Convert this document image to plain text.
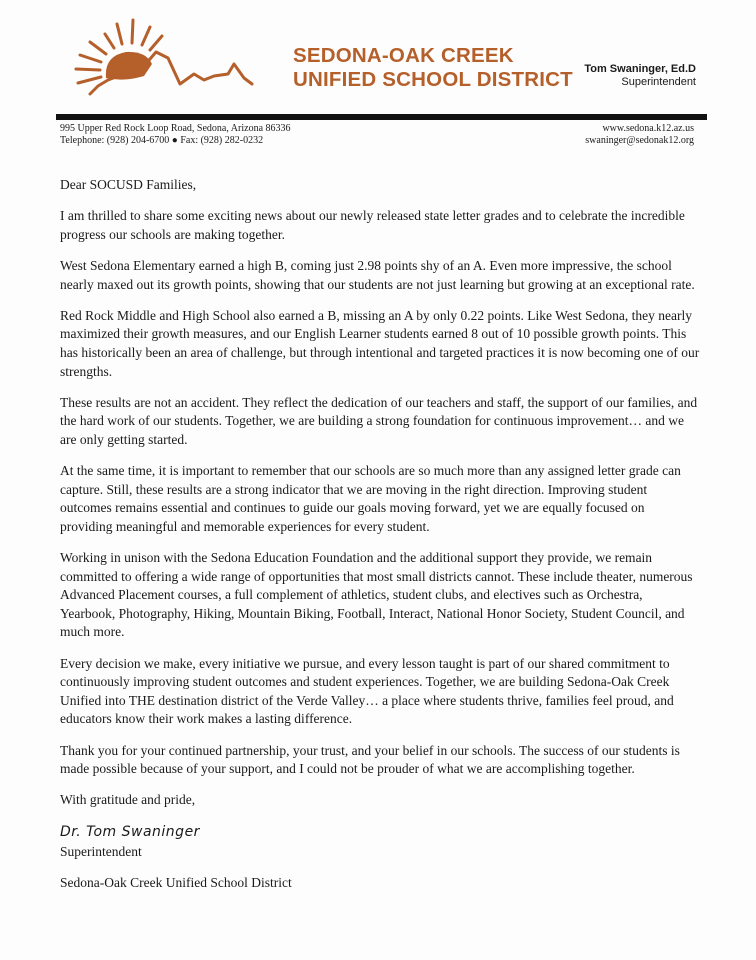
SEDONA-OAK CREEK
UNIFIED SCHOOL DISTRICT Tom Swaninger, Ed.D
Superintendent
995 Upper Red Rock Loop Road, Sedona, Arizona 86336
Telephone: (928) 204-6700 ● Fax: (928) 282-0232
www.sedona.k12.az.us
swaninger@sedonak12.org

Dear SOCUSD Families,

I am thrilled to share some exciting news about our newly released state letter grades and to celebrate the incredible progress our schools are making together.

West Sedona Elementary earned a high B, coming just 2.98 points shy of an A. Even more impressive, the school nearly maxed out its growth points, showing that our students are not just learning but growing at an exceptional rate.

Red Rock Middle and High School also earned a B, missing an A by only 0.22 points. Like West Sedona, they nearly maximized their growth measures, and our English Learner students earned 8 out of 10 possible growth points. This has historically been an area of challenge, but through intentional and targeted practices it is now becoming one of our strengths.

These results are not an accident. They reflect the dedication of our teachers and staff, the support of our families, and the hard work of our students. Together, we are building a strong foundation for continuous improvement… and we are only getting started.

At the same time, it is important to remember that our schools are so much more than any assigned letter grade can capture. Still, these results are a strong indicator that we are moving in the right direction. Improving student outcomes remains essential and continues to guide our goals moving forward, yet we are equally focused on providing meaningful and memorable experiences for every student.

Working in unison with the Sedona Education Foundation and the additional support they provide, we remain committed to offering a wide range of opportunities that most small districts cannot. These include theater, numerous Advanced Placement courses, a full complement of athletics, student clubs, and electives such as Orchestra, Yearbook, Photography, Hiking, Mountain Biking, Football, Interact, National Honor Society, Student Council, and much more.

Every decision we make, every initiative we pursue, and every lesson taught is part of our shared commitment to continuously improving student outcomes and student experiences. Together, we are building Sedona-Oak Creek Unified into THE destination district of the Verde Valley… a place where students thrive, families feel proud, and educators know their work makes a lasting difference.

Thank you for your continued partnership, your trust, and your belief in our schools. The success of our students is made possible because of your support, and I could not be prouder of what we are accomplishing together.

With gratitude and pride,

Dr. Tom Swaninger

Superintendent

Sedona-Oak Creek Unified School District
